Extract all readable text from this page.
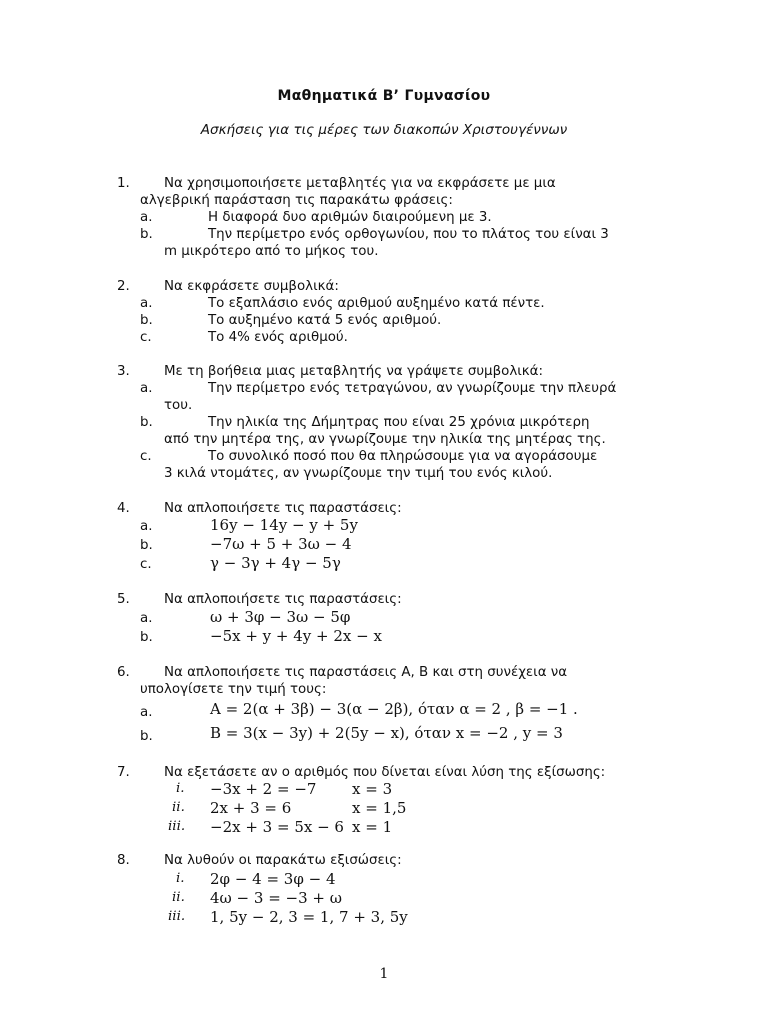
Μαθηματικά Β’ Γυμνασίου
Ασκήσεις για τις μέρες των διακοπών Χριστουγέννων
1.	Να χρησιμοποιήσετε μεταβλητές για να εκφράσετε με μια
αλγεβρική παράσταση τις παρακάτω φράσεις:
a.	Η διαφορά δυο αριθμών διαιρούμενη με 3.
b.	Την περίμετρο ενός ορθογωνίου, που το πλάτος του είναι 3
m μικρότερο από το μήκος του.
2.	Να εκφράσετε συμβολικά:
a.	Το εξαπλάσιο ενός αριθμού αυξημένο κατά πέντε.
b.	Το αυξημένο κατά 5 ενός αριθμού.
c.	Το 4% ενός αριθμού.
3.	Με τη βοήθεια μιας μεταβλητής να γράψετε συμβολικά:
a.	Την περίμετρο ενός τετραγώνου, αν γνωρίζουμε την πλευρά
του.
b.	Την ηλικία της Δήμητρας που είναι 25 χρόνια μικρότερη
από την μητέρα της, αν γνωρίζουμε την ηλικία της μητέρας της.
c.	Το συνολικό ποσό που θα πληρώσουμε για να αγοράσουμε
3 κιλά ντομάτες, αν γνωρίζουμε την τιμή του ενός κιλού.
4.	Να απλοποιήσετε τις παραστάσεις:
a.	16y − 14y − y + 5y
b.	−7ω + 5 + 3ω − 4
c.	γ − 3γ + 4γ − 5γ
5.	Να απλοποιήσετε τις παραστάσεις:
a.	ω + 3φ − 3ω − 5φ
b.	−5x + y + 4y + 2x − x
6.	Να απλοποιήσετε τις παραστάσεις Α, Β και στη συνέχεια να
υπολογίσετε την τιμή τους:
a.	A = 2(α + 3β) − 3(α − 2β), όταν α = 2 , β = −1 .
b.	B = 3(x − 3y) + 2(5y − x), όταν x = −2 , y = 3
7.	Να εξετάσετε αν ο αριθμός που δίνεται είναι λύση της εξίσωσης:
i. −3x + 2 = −7 x = 3
ii. 2x + 3 = 6	x = 1,5
iii. −2x + 3 = 5x − 6 x = 1
8.	Να λυθούν οι παρακάτω εξισώσεις:
i. 2φ − 4 = 3φ − 4
ii. 4ω − 3 = −3 + ω
iii. 1, 5y − 2, 3 = 1, 7 + 3, 5y
1
